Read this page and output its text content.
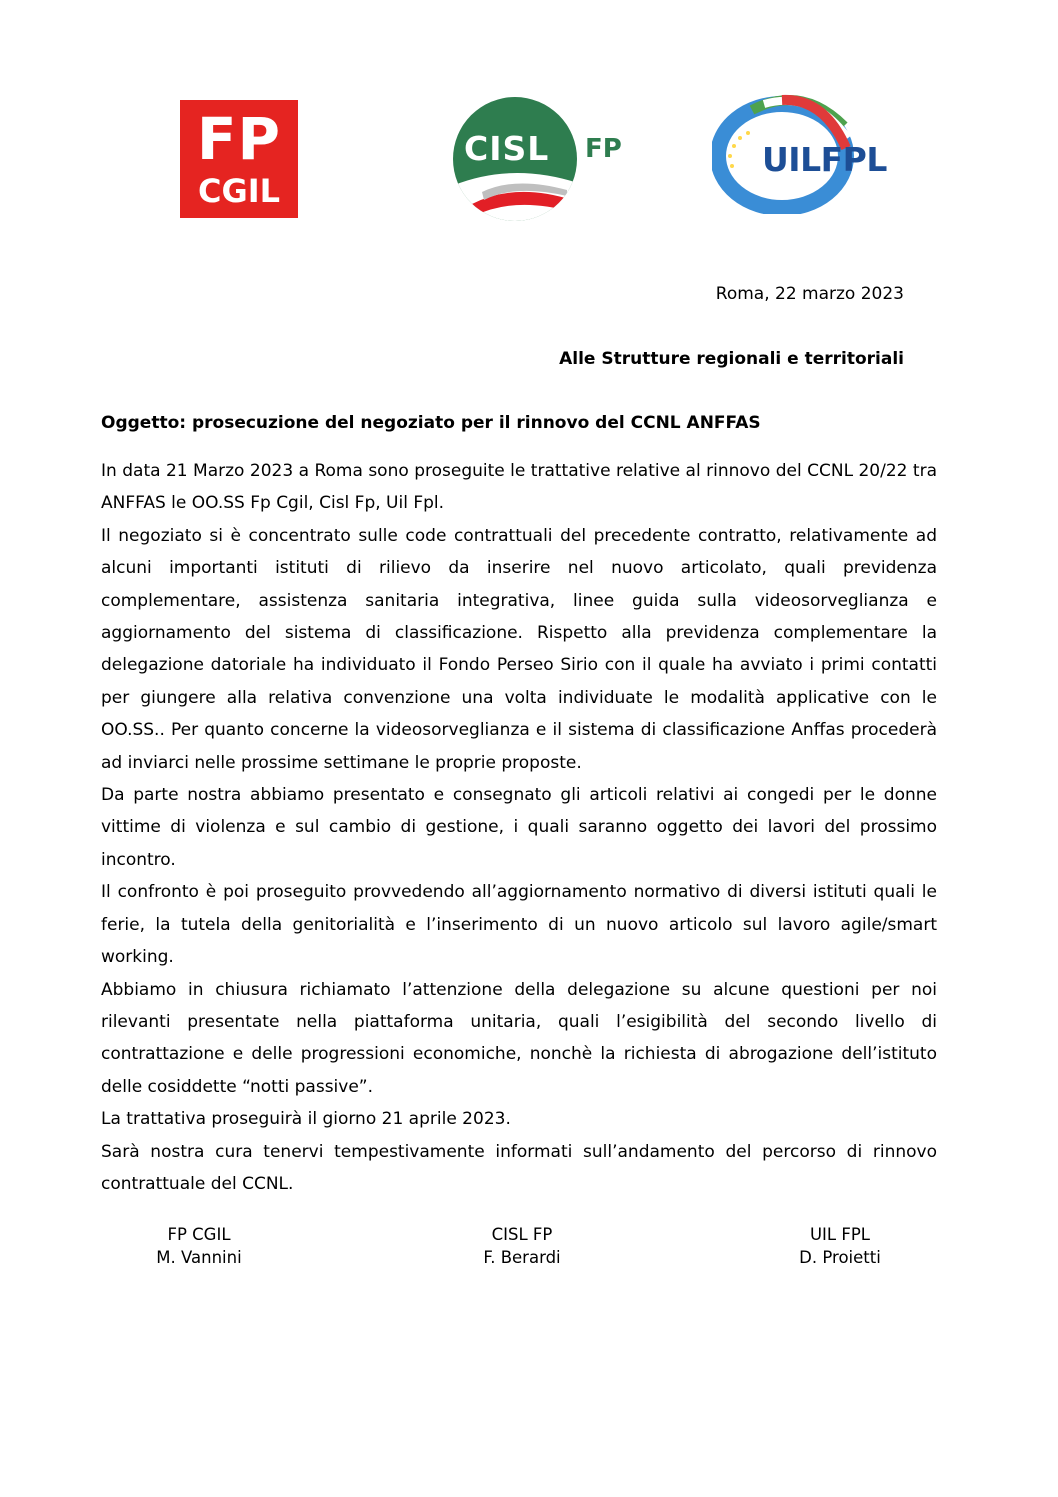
FP
CGIL
CISL FP	UILFPL
Roma, 22 marzo 2023
Alle Strutture regionali e territoriali
Oggetto: prosecuzione del negoziato per il rinnovo del CCNL ANFFAS

In data 21 Marzo 2023 a Roma sono proseguite le trattative relative al rinnovo del CCNL 20/22 tra ANFFAS le OO.SS Fp Cgil, Cisl Fp, Uil Fpl.

Il negoziato si è concentrato sulle code contrattuali del precedente contratto, relativamente ad alcuni importanti istituti di rilievo da inserire nel nuovo articolato, quali previdenza complementare, assistenza sanitaria integrativa, linee guida sulla videosorveglianza e aggiornamento del sistema di classificazione. Rispetto alla previdenza complementare la delegazione datoriale ha individuato il Fondo Perseo Sirio con il quale ha avviato i primi contatti per giungere alla relativa convenzione una volta individuate le modalità applicative con le OO.SS.. Per quanto concerne la videosorveglianza e il sistema di classificazione Anffas procederà ad inviarci nelle prossime settimane le proprie proposte.

Da parte nostra abbiamo presentato e consegnato gli articoli relativi ai congedi per le donne vittime di violenza e sul cambio di gestione, i quali saranno oggetto dei lavori del prossimo incontro.

Il confronto è poi proseguito provvedendo all’aggiornamento normativo di diversi istituti quali le ferie, la tutela della genitorialità e l’inserimento di un nuovo articolo sul lavoro agile/smart working.

Abbiamo in chiusura richiamato l’attenzione della delegazione su alcune questioni per noi rilevanti presentate nella piattaforma unitaria, quali l’esigibilità del secondo livello di contrattazione e delle progressioni economiche, nonchè la richiesta di abrogazione dell’istituto delle cosiddette “notti passive”.

La trattativa proseguirà il giorno 21 aprile 2023.

Sarà nostra cura tenervi tempestivamente informati sull’andamento del percorso di rinnovo contrattuale del CCNL.

FP CGIL
M. Vannini
CISL FP
F. Berardi
UIL FPL
D. Proietti
